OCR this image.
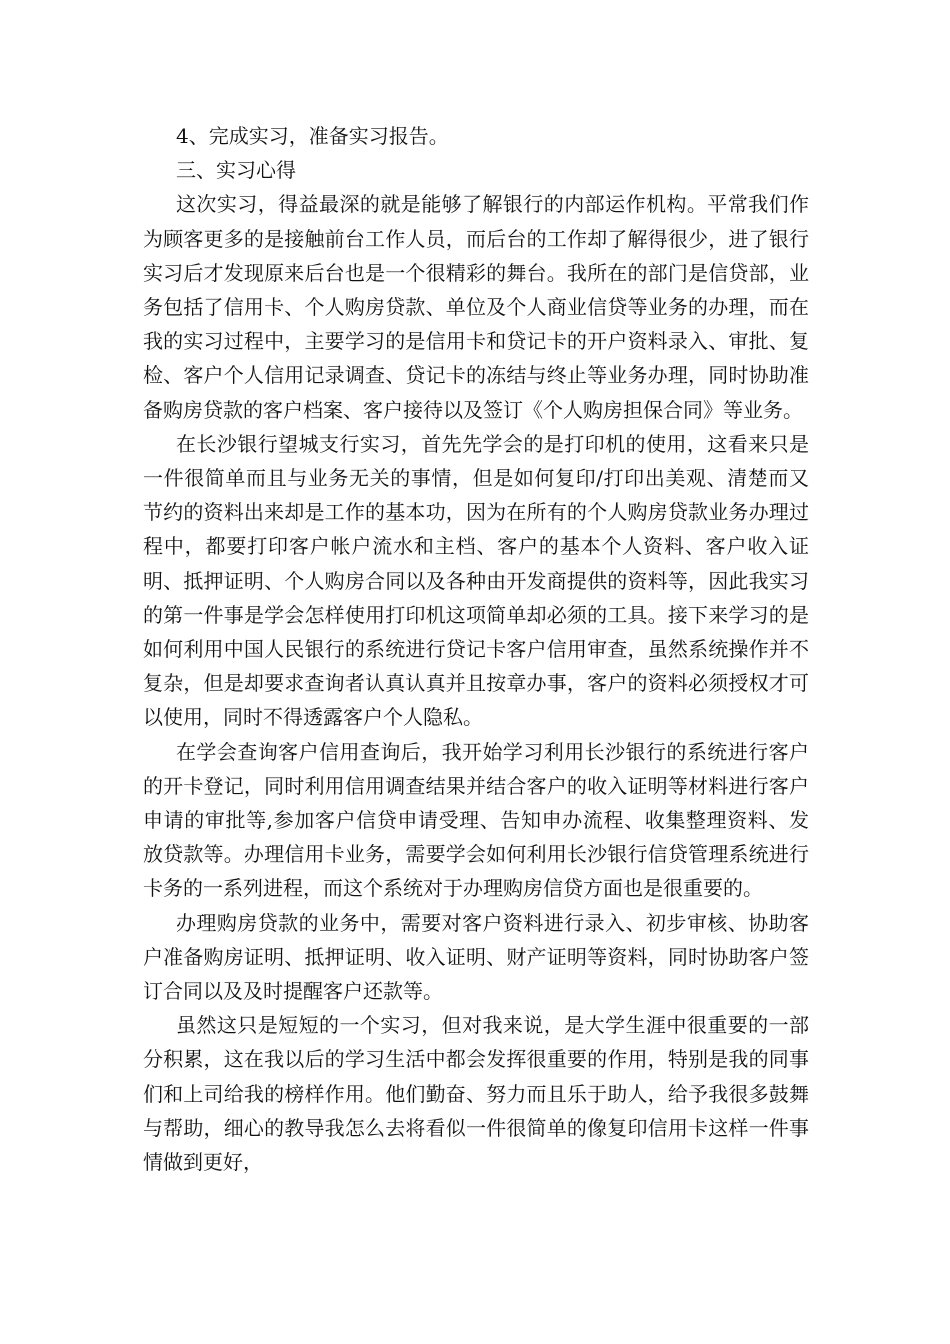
4、完成实习，准备实习报告。

三、实习心得

这次实习，得益最深的就是能够了解银行的内部运作机构。平常我们作为顾客更多的是接触前台工作人员，而后台的工作却了解得很少，进了银行实习后才发现原来后台也是一个很精彩的舞台。我所在的部门是信贷部，业务包括了信用卡、个人购房贷款、单位及个人商业信贷等业务的办理，而在我的实习过程中，主要学习的是信用卡和贷记卡的开户资料录入、审批、复检、客户个人信用记录调查、贷记卡的冻结与终止等业务办理，同时协助准备购房贷款的客户档案、客户接待以及签订《个人购房担保合同》等业务。

在长沙银行望城支行实习，首先先学会的是打印机的使用，这看来只是一件很简单而且与业务无关的事情，但是如何复印/打印出美观、清楚而又节约的资料出来却是工作的基本功，因为在所有的个人购房贷款业务办理过程中，都要打印客户帐户流水和主档、客户的基本个人资料、客户收入证明、抵押证明、个人购房合同以及各种由开发商提供的资料等，因此我实习的第一件事是学会怎样使用打印机这项简单却必须的工具。接下来学习的是如何利用中国人民银行的系统进行贷记卡客户信用审查，虽然系统操作并不复杂，但是却要求查询者认真认真并且按章办事，客户的资料必须授权才可以使用，同时不得透露客户个人隐私。

在学会查询客户信用查询后，我开始学习利用长沙银行的系统进行客户的开卡登记，同时利用信用调查结果并结合客户的收入证明等材料进行客户申请的审批等,参加客户信贷申请受理、告知申办流程、收集整理资料、发放贷款等。办理信用卡业务，需要学会如何利用长沙银行信贷管理系统进行卡务的一系列进程，而这个系统对于办理购房信贷方面也是很重要的。

办理购房贷款的业务中，需要对客户资料进行录入、初步审核、协助客户准备购房证明、抵押证明、收入证明、财产证明等资料，同时协助客户签订合同以及及时提醒客户还款等。

虽然这只是短短的一个实习，但对我来说，是大学生涯中很重要的一部分积累，这在我以后的学习生活中都会发挥很重要的作用，特别是我的同事们和上司给我的榜样作用。他们勤奋、努力而且乐于助人，给予我很多鼓舞与帮助，细心的教导我怎么去将看似一件很简单的像复印信用卡这样一件事情做到更好，
